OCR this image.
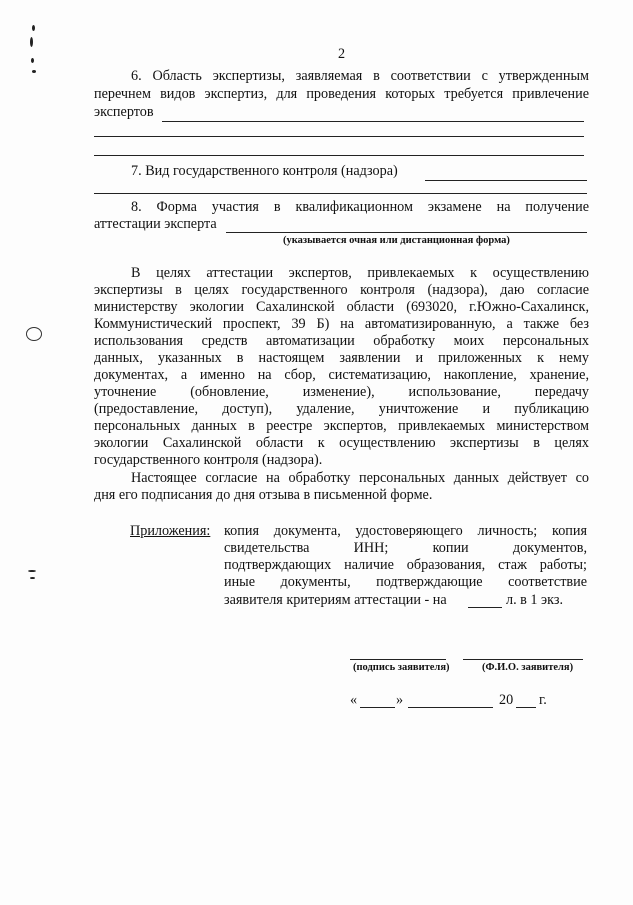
2
6. Область экспертизы, заявляемая в соответствии с утвержденным
перечнем видов экспертиз, для проведения которых требуется привлечение
экспертов
7. Вид государственного контроля (надзора)
8. Форма участия в квалификационном экзамене на получение
аттестации эксперта
(указывается очная или дистанционная форма)
В целях аттестации экспертов, привлекаемых к осуществлению
экспертизы в целях государственного контроля (надзора), даю согласие
министерству экологии Сахалинской области (693020, г.Южно-Сахалинск,
Коммунистический проспект, 39 Б) на автоматизированную, а также без
использования средств автоматизации обработку моих персональных
данных, указанных в настоящем заявлении и приложенных к нему
документах, а именно на сбор, систематизацию, накопление, хранение,
уточнение (обновление, изменение), использование, передачу
(предоставление, доступ), удаление, уничтожение и публикацию
персональных данных в реестре экспертов, привлекаемых министерством
экологии Сахалинской области к осуществлению экспертизы в целях
государственного контроля (надзора).
Настоящее согласие на обработку персональных данных действует со
дня его подписания до дня отзыва в письменной форме.
Приложения: копия документа, удостоверяющего личность; копия
свидетельства ИНН; копии документов,
подтверждающих наличие образования, стаж работы;
иные документы, подтверждающие соответствие
заявителя критериям аттестации - на	л. в 1 экз.
(подпись заявителя)	(Ф.И.О. заявителя)
«	»	20 г.
